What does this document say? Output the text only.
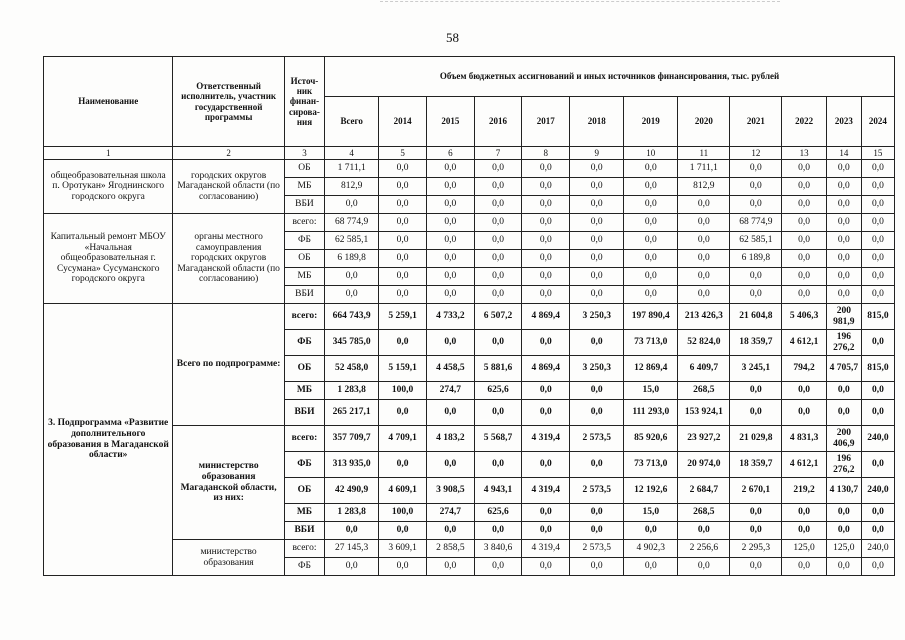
58
Наименование	Ответственный исполнитель, участник государственной программы	Источ-ник финан-сирова-ния	Объем бюджетных ассигнований и иных источников финансирования, тыс. рублей											
			Всего	2014	2015	2016	2017	2018	2019	2020	2021	2022	2023	2024
1	2	3	4	5	6	7	8	9	10	11	12	13	14	15
общеобразовательная школа п. Оротукан» Ягоднинского городского округа	городских округов Магаданской области (по согласованию)	ОБ	1 711,1	0,0	0,0	0,0	0,0	0,0	0,0	1 711,1	0,0	0,0	0,0	0,0
		МБ	812,9	0,0	0,0	0,0	0,0	0,0	0,0	812,9	0,0	0,0	0,0	0,0
		ВБИ	0,0	0,0	0,0	0,0	0,0	0,0	0,0	0,0	0,0	0,0	0,0	0,0
Капитальный ремонт МБОУ «Начальная общеобразовательная г. Сусумана» Сусуманского городского округа	органы местного самоуправления городских округов Магаданской области (по согласованию)	всего:	68 774,9	0,0	0,0	0,0	0,0	0,0	0,0	0,0	68 774,9	0,0	0,0	0,0
		ФБ	62 585,1	0,0	0,0	0,0	0,0	0,0	0,0	0,0	62 585,1	0,0	0,0	0,0
		ОБ	6 189,8	0,0	0,0	0,0	0,0	0,0	0,0	0,0	6 189,8	0,0	0,0	0,0
		МБ	0,0	0,0	0,0	0,0	0,0	0,0	0,0	0,0	0,0	0,0	0,0	0,0
		ВБИ	0,0	0,0	0,0	0,0	0,0	0,0	0,0	0,0	0,0	0,0	0,0	0,0
3. Подпрограмма «Развитие дополнительного образования в Магаданской области»	Всего по подпрограмме:	всего:	664 743,9	5 259,1	4 733,2	6 507,2	4 869,4	3 250,3	197 890,4	213 426,3	21 604,8	5 406,3	200 981,9	815,0
		ФБ	345 785,0	0,0	0,0	0,0	0,0	0,0	73 713,0	52 824,0	18 359,7	4 612,1	196 276,2	0,0
		ОБ	52 458,0	5 159,1	4 458,5	5 881,6	4 869,4	3 250,3	12 869,4	6 409,7	3 245,1	794,2	4 705,7	815,0
		МБ	1 283,8	100,0	274,7	625,6	0,0	0,0	15,0	268,5	0,0	0,0	0,0	0,0
		ВБИ	265 217,1	0,0	0,0	0,0	0,0	0,0	111 293,0	153 924,1	0,0	0,0	0,0	0,0
	министерство образования Магаданской области, из них:	всего:	357 709,7	4 709,1	4 183,2	5 568,7	4 319,4	2 573,5	85 920,6	23 927,2	21 029,8	4 831,3	200 406,9	240,0
		ФБ	313 935,0	0,0	0,0	0,0	0,0	0,0	73 713,0	20 974,0	18 359,7	4 612,1	196 276,2	0,0
		ОБ	42 490,9	4 609,1	3 908,5	4 943,1	4 319,4	2 573,5	12 192,6	2 684,7	2 670,1	219,2	4 130,7	240,0
		МБ	1 283,8	100,0	274,7	625,6	0,0	0,0	15,0	268,5	0,0	0,0	0,0	0,0
		ВБИ	0,0	0,0	0,0	0,0	0,0	0,0	0,0	0,0	0,0	0,0	0,0	0,0
	министерство образования	всего:	27 145,3	3 609,1	2 858,5	3 840,6	4 319,4	2 573,5	4 902,3	2 256,6	2 295,3	125,0	125,0	240,0
		ФБ	0,0	0,0	0,0	0,0	0,0	0,0	0,0	0,0	0,0	0,0	0,0	0,0
